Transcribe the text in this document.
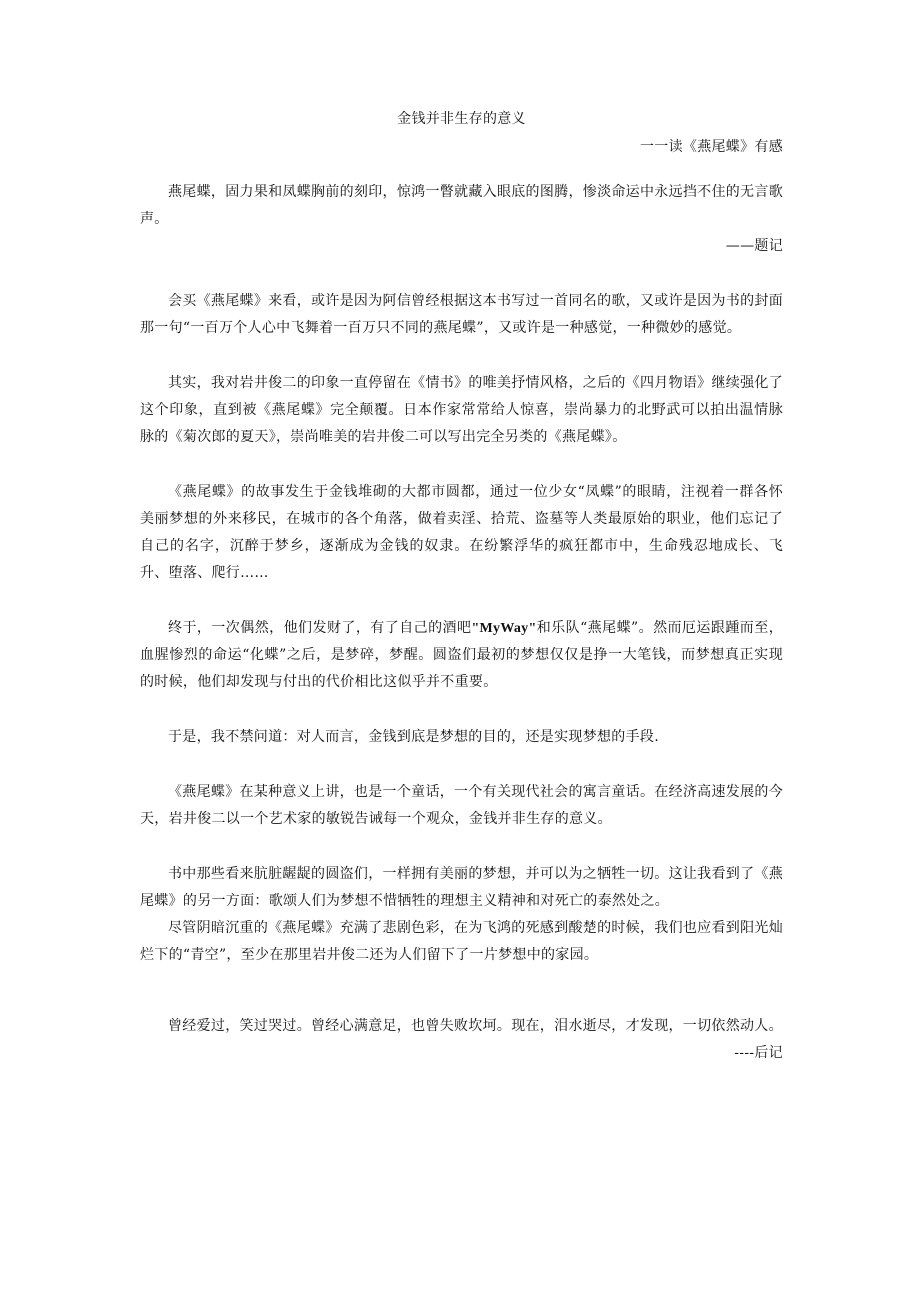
金钱并非生存的意义

一一读《燕尾蝶》有感

燕尾蝶，固力果和凤蝶胸前的刻印，惊鸿一瞥就藏入眼底的图腾，惨淡命运中永远挡不住的无言歌声。

——题记

会买《燕尾蝶》来看，或许是因为阿信曾经根据这本书写过一首同名的歌，又或许是因为书的封面那一句“一百万个人心中飞舞着一百万只不同的燕尾蝶”，又或许是一种感觉，一种微妙的感觉。

其实，我对岩井俊二的印象一直停留在《情书》的唯美抒情风格，之后的《四月物语》继续强化了这个印象，直到被《燕尾蝶》完全颠覆。日本作家常常给人惊喜，崇尚暴力的北野武可以拍出温情脉脉的《菊次郎的夏天》，崇尚唯美的岩井俊二可以写出完全另类的《燕尾蝶》。

《燕尾蝶》的故事发生于金钱堆砌的大都市圆都，通过一位少女“凤蝶”的眼睛，注视着一群各怀美丽梦想的外来移民，在城市的各个角落，做着卖淫、拾荒、盗墓等人类最原始的职业，他们忘记了自己的名字，沉醉于梦乡，逐渐成为金钱的奴隶。在纷繁浮华的疯狂都市中，生命残忍地成长、飞升、堕落、爬行……

终于，一次偶然，他们发财了，有了自己的酒吧"MyWay"和乐队“燕尾蝶”。然而厄运跟踵而至，血腥惨烈的命运“化蝶”之后，是梦碎，梦醒。圆盗们最初的梦想仅仅是挣一大笔钱，而梦想真正实现的时候，他们却发现与付出的代价相比这似乎并不重要。

于是，我不禁问道：对人而言，金钱到底是梦想的目的，还是实现梦想的手段.

《燕尾蝶》在某种意义上讲，也是一个童话，一个有关现代社会的寓言童话。在经济高速发展的今天，岩井俊二以一个艺术家的敏锐告诫每一个观众，金钱并非生存的意义。

书中那些看来肮脏龌龊的圆盗们，一样拥有美丽的梦想，并可以为之牺牲一切。这让我看到了《燕尾蝶》的另一方面：歌颂人们为梦想不惜牺牲的理想主义精神和对死亡的泰然处之。

尽管阴暗沉重的《燕尾蝶》充满了悲剧色彩，在为飞鸿的死感到酸楚的时候，我们也应看到阳光灿烂下的“青空”，至少在那里岩井俊二还为人们留下了一片梦想中的家园。

曾经爱过，笑过哭过。曾经心满意足，也曾失败坎坷。现在，泪水逝尽，才发现，一切依然动人。

----后记
